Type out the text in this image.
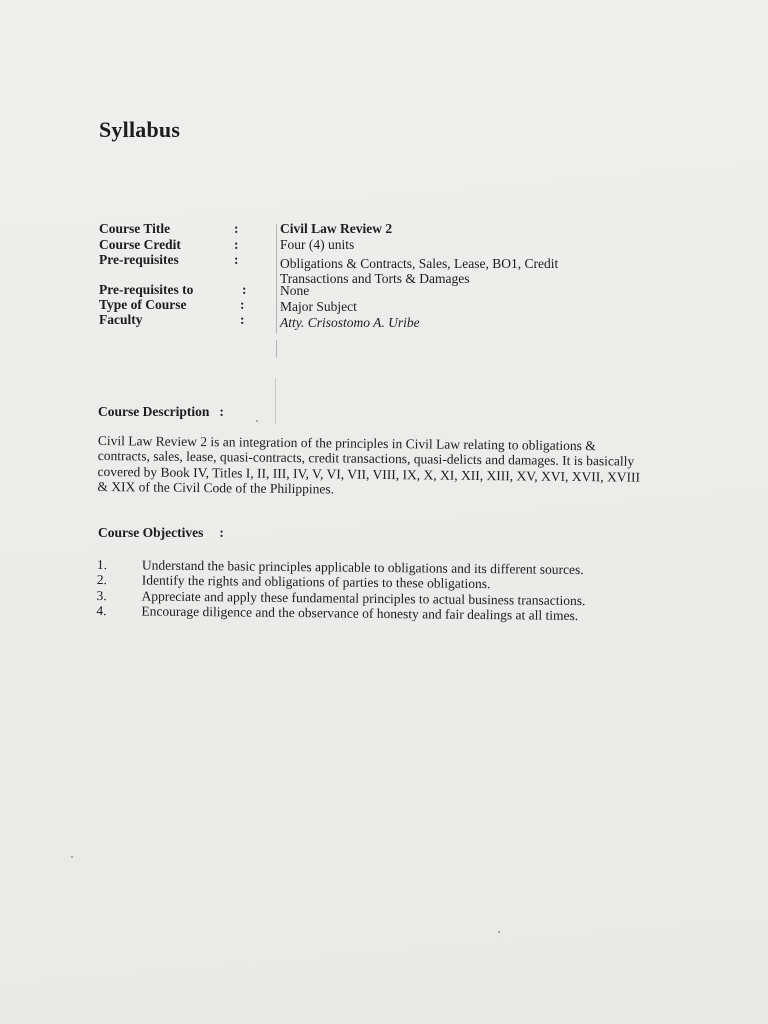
Syllabus
Course Title	:	Civil Law Review 2
Course Credit	:	Four (4) units
Pre-requisites	:	Obligations & Contracts, Sales, Lease, BO1, Credit
Transactions and Torts & Damages
Pre-requisites to	: None
Type of Course	:	Major Subject
Faculty	:	Atty. Crisostomo A. Uribe
Course Description :
Civil Law Review 2 is an integration of the principles in Civil Law relating to obligations & contracts, sales, lease, quasi-contracts, credit transactions, quasi-delicts and damages. It is basically covered by Book IV, Titles I, II, III, IV, V, VI, VII, VIII, IX, X, XI, XII, XIII, XV, XVI, XVII, XVIII & XIX of the Civil Code of the Philippines.
Course Objectives :
1.	Understand the basic principles applicable to obligations and its different sources.
2.	Identify the rights and obligations of parties to these obligations.
3.	Appreciate and apply these fundamental principles to actual business transactions.
4.	Encourage diligence and the observance of honesty and fair dealings at all times.
